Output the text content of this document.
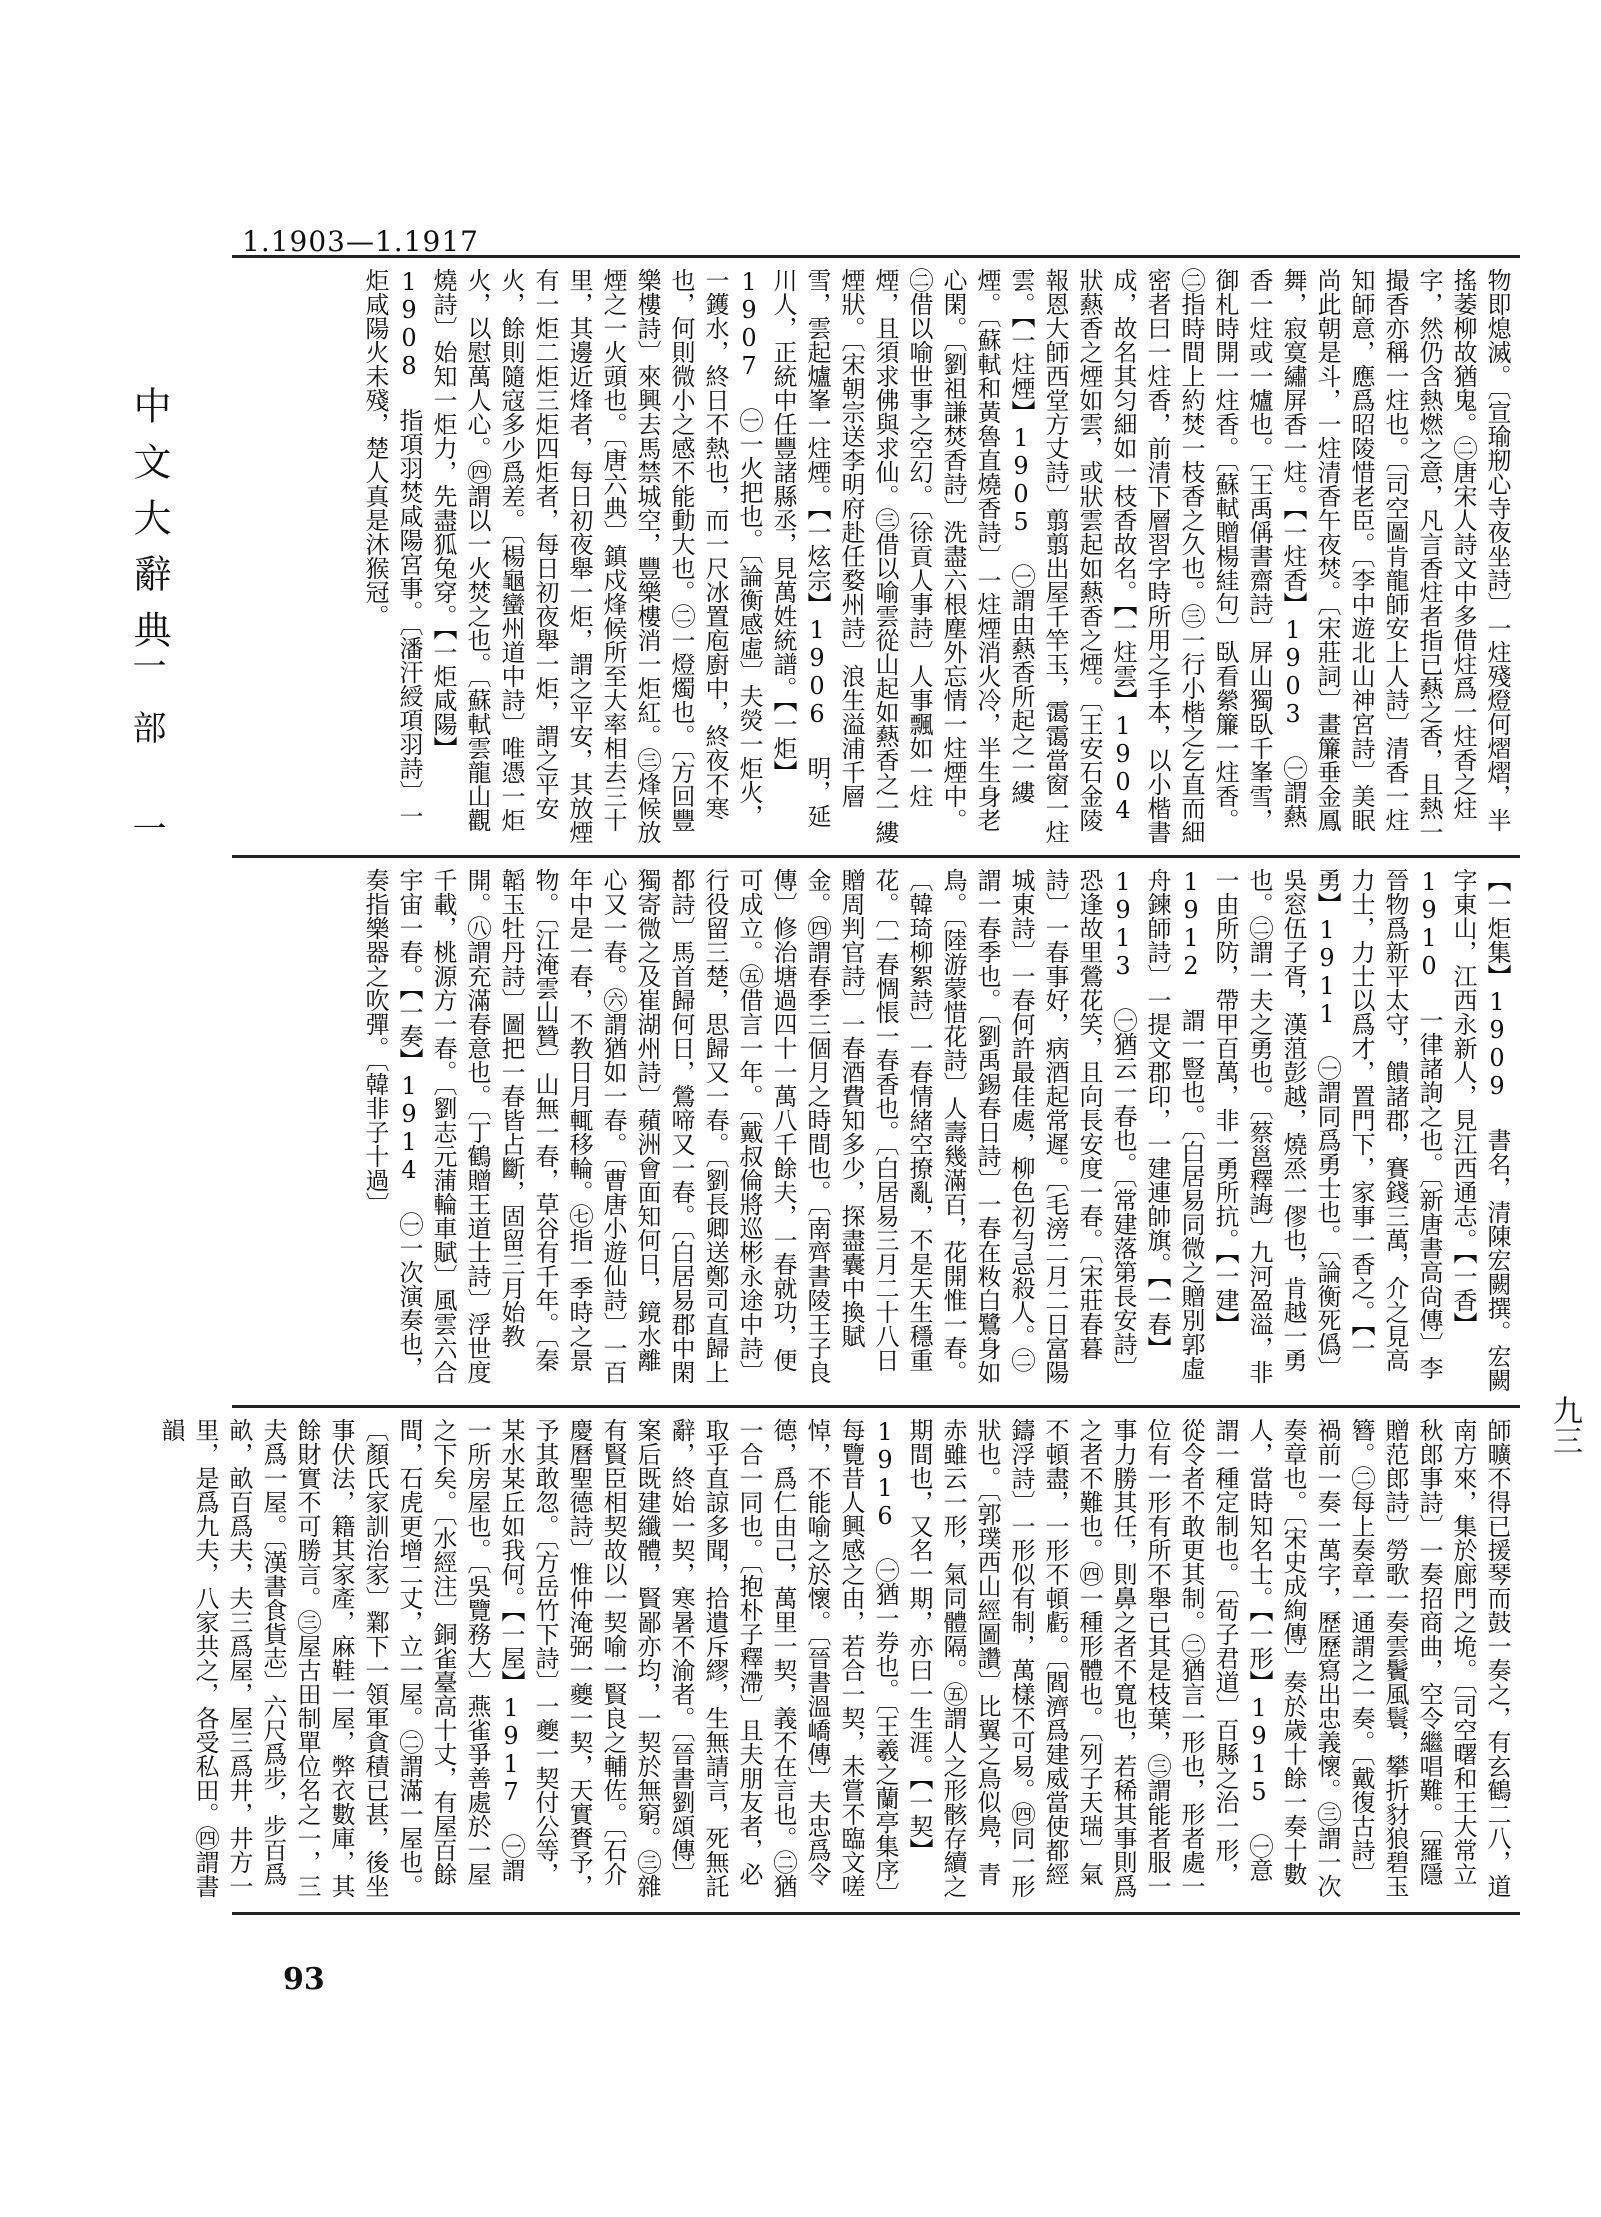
1.1903—1.1917
中文大辭典
一部 一
九三
93
物即熄滅。〔宣瑜剏心寺夜坐詩〕一炷殘燈何熠熠，半搖萎柳故猶鬼。㊁唐宋人詩文中多借炷爲一炷香之炷字，然仍含熱燃之意，凡言香炷者指已爇之香，且熱一撮香亦稱一炷也。〔司空圖肯龍師安上人詩〕清香一炷知師意，應爲昭陵惜老臣。〔李中遊北山神宮詩〕美眠尚此朝是斗，一炷清香午夜焚。〔宋莊詞〕畫簾垂金鳳舞，寂寞繡屏香一炷。【一炷香】1903 ㊀謂爇香一炷或一爐也。〔王禹偁書齋詩〕屏山獨臥千峯雪，御札時開一炷香。〔蘇軾贈楊絓句〕臥看縈簾一炷香。㊁指時間上約焚一枝香之久也。㊂一行小楷之乞直而細密者曰一炷香，前清下層習字時所用之手本，以小楷書成，故名其匀細如一枝香故名。【一炷雲】1904 狀爇香之煙如雲，或狀雲起如爇香之煙。〔王安石金陵報恩大師西堂方丈詩〕翦翦出屋千竿玉，霭霭當窗一炷雲。【一炷煙】1905 ㊀謂由爇香所起之一縷煙。〔蘇軾和黃魯直燒香詩〕一炷煙消火冷，半生身老心閑。〔劉祖謙焚香詩〕洗盡六根塵外忘情一炷煙中。㊁借以喻世事之空幻。〔徐貢人事詩〕人事飄如一炷煙，且須求佛與求仙。㊂借以喻雲從山起如爇香之一縷煙狀。〔宋朝宗送李明府赴任婺州詩〕浪生溢浦千層雪，雲起爐峯一炷煙。【一炫宗】1906 明，延川人，正統中任豐諸縣丞，見萬姓統譜。【一炬】1907 ㊀一火把也。〔論衡感虛〕夫熒一炬火，一鑊水，終日不熱也，而一尺冰置庖廚中，終夜不寒也，何則微小之感不能動大也。㊁一燈燭也。〔方回豐樂樓詩〕來興去馬禁城空，豐樂樓消一炬紅。㊂烽候放煙之一火頭也。〔唐六典〕鎮戍烽候所至大率相去三十里，其邊近烽者，每日初夜舉一炬，謂之平安，其放煙有一炬二炬三炬四炬者，每日初夜舉一炬，謂之平安火，餘則隨寇多少爲差。〔楊龜蠻州道中詩〕唯憑一炬火，以慰萬人心。㊃謂以一火焚之也。〔蘇軾雲龍山觀燒詩〕始知一炬力，先盡狐兔穿。【一炬咸陽】1908 指項羽焚咸陽宮事。〔潘汗綬項羽詩〕一炬咸陽火未殘，楚人真是沐猴冠。
【一炬集】1909 書名，清陳宏闕撰。宏闕字東山，江西永新人，見江西通志。【一香】1910 一律諸詢之也。〔新唐書高尙傳〕李晉物爲新平太守，饋諸郡，賽錢三萬，介之見高力士，力士以爲才，置門下，家事一香之。【一勇】1911 ㊀謂同爲勇士也。〔論衡死僞〕吳窓伍子胥，漢菹彭越，燒烝一僇也，肯越一勇也。㊁謂一夫之勇也。〔蔡邕釋誨〕九河盈溢，非一由所防，帶甲百萬，非一勇所抗。【一建】1912 謂一豎也。〔白居易同微之贈別郭虛舟鍊師詩〕一提文郡印，一建連帥旗。【一春】1913 ㊀猶云一春也。〔常建落第長安詩〕恐逢故里鶯花笑，且向長安度一春。〔宋莊春暮詩〕一春事好，病酒起常遲。〔毛滂二月二日富陽城東詩〕一春何許最佳處，柳色初勻忌殺人。㊁謂一春季也。〔劉禹錫春日詩〕一春在籹白鷺身如鳥。〔陸游蒙惜花詩〕人壽幾滿百，花開惟一春。〔韓琦柳絮詩〕一春情緒空撩亂，不是天生穩重花。〔一春惆悵一春香也。〔白居易三月二十八日贈周判官詩〕一春酒費知多少，探盡囊中換賦金。㊃謂春季三個月之時間也。〔南齊書陵王子良傳〕修治塘過四十一萬八千餘夫，一春就功，便可成立。㊄借言一年。〔戴叔倫將巡彬永途中詩〕行役留三楚，思歸又一春。〔劉長卿送鄭司直歸上都詩〕馬首歸何日，鶯啼又一春。〔白居易郡中閑獨寄微之及崔湖州詩〕蘋洲會面知何日，鏡水離心又一春。㊅謂猶如一春。〔曹唐小遊仙詩〕一百年中是一春，不教日月輒移輪。㊆指一季時之景物。〔江淹雲山贊〕山無一春，草谷有千年。〔秦韜玉牡丹詩〕圖把一春皆占斷，固留三月始教開。㊇謂充滿春意也。〔丁鶴贈王道士詩〕浮世度千載，桃源方一春。〔劉志元蒲輪車賦〕風雲六合宇宙一春。【一奏】1914 ㊀一次演奏也，奏指樂器之吹彈。〔韓非子十過〕
師曠不得已援琴而鼓一奏之，有玄鶴二八，道南方來，集於廊門之垝。〔司空曙和王大常立秋郎事詩〕一奏招商曲，空令繼唱難。〔羅隱贈范郎詩〕勞歌一奏雲鬢風鬟，攀折豺狼碧玉簪。㊁每上奏章一通謂之一奏。〔戴復古詩〕禍前一奏一萬字，歷歷寫出忠義懷。㊂謂一次奏章也。〔宋史成絢傳〕奏於歲十餘一奏十數人，當時知名士。【一形】1915 ㊀意謂一種定制也。〔荀子君道〕百縣之治一形，從令者不敢更其制。㊁猶言一形也，形者處一位有一形有所不舉已其是枝葉，㊂謂能者服一事力勝其任，則鼻之者不寬也，若稀其事則爲之者不難也。㊃一種形體也。〔列子天瑞〕氣不頓盡，一形不頓虧。〔閻濟爲建威當使都經鑄浮詩〕一形似有制，萬樣不可易。㊃同一形狀也。〔郭璞西山經圖讚〕比翼之鳥似鳧，青赤雖云一形，氣同體隔。㊄謂人之形骸存續之期間也，又名一期，亦曰一生涯。【一契】1916 ㊀猶一券也。〔王羲之蘭亭集序〕每覽昔人興感之由，若合一契，未嘗不臨文嗟悼，不能喻之於懷。〔晉書溫嶠傳〕夫忠爲令德，爲仁由己，萬里一契，義不在言也。㊁猶一合一同也。〔抱朴子釋滯〕且夫朋友者，必取乎直諒多聞，拾遺斥繆，生無請言，死無託辭，終始一契，寒暑不渝者。〔晉書劉頌傳〕案后既建纖體，賢鄙亦均，一契於無窮。㊂雜有賢臣相契故以一契喻一賢良之輔佐。〔石介慶曆聖德詩〕惟仲淹弼一夔一契，天實賚予，予其敢忽。〔方岳竹下詩〕一夔一契付公等，某水某丘如我何。【一屋】1917 ㊀謂一所房屋也。〔吳覽務大〕燕雀爭善處於一屋之下矣。〔水經注〕銅雀臺高十丈，有屋百餘間，石虎更增二丈，立一屋。㊁謂滿一屋也。〔顏氏家訓治家〕鄴下一領軍貪積已甚，後坐事伏法，籍其家產，麻鞋一屋，弊衣數庫，其餘財實不可勝言。㊂屋古田制單位名之一，三夫爲一屋。〔漢書食貨志〕六尺爲步，步百爲畝，畝百爲夫，夫三爲屋，屋三爲井，井方一里，是爲九夫，八家共之，各受私田。㊃謂書韻
